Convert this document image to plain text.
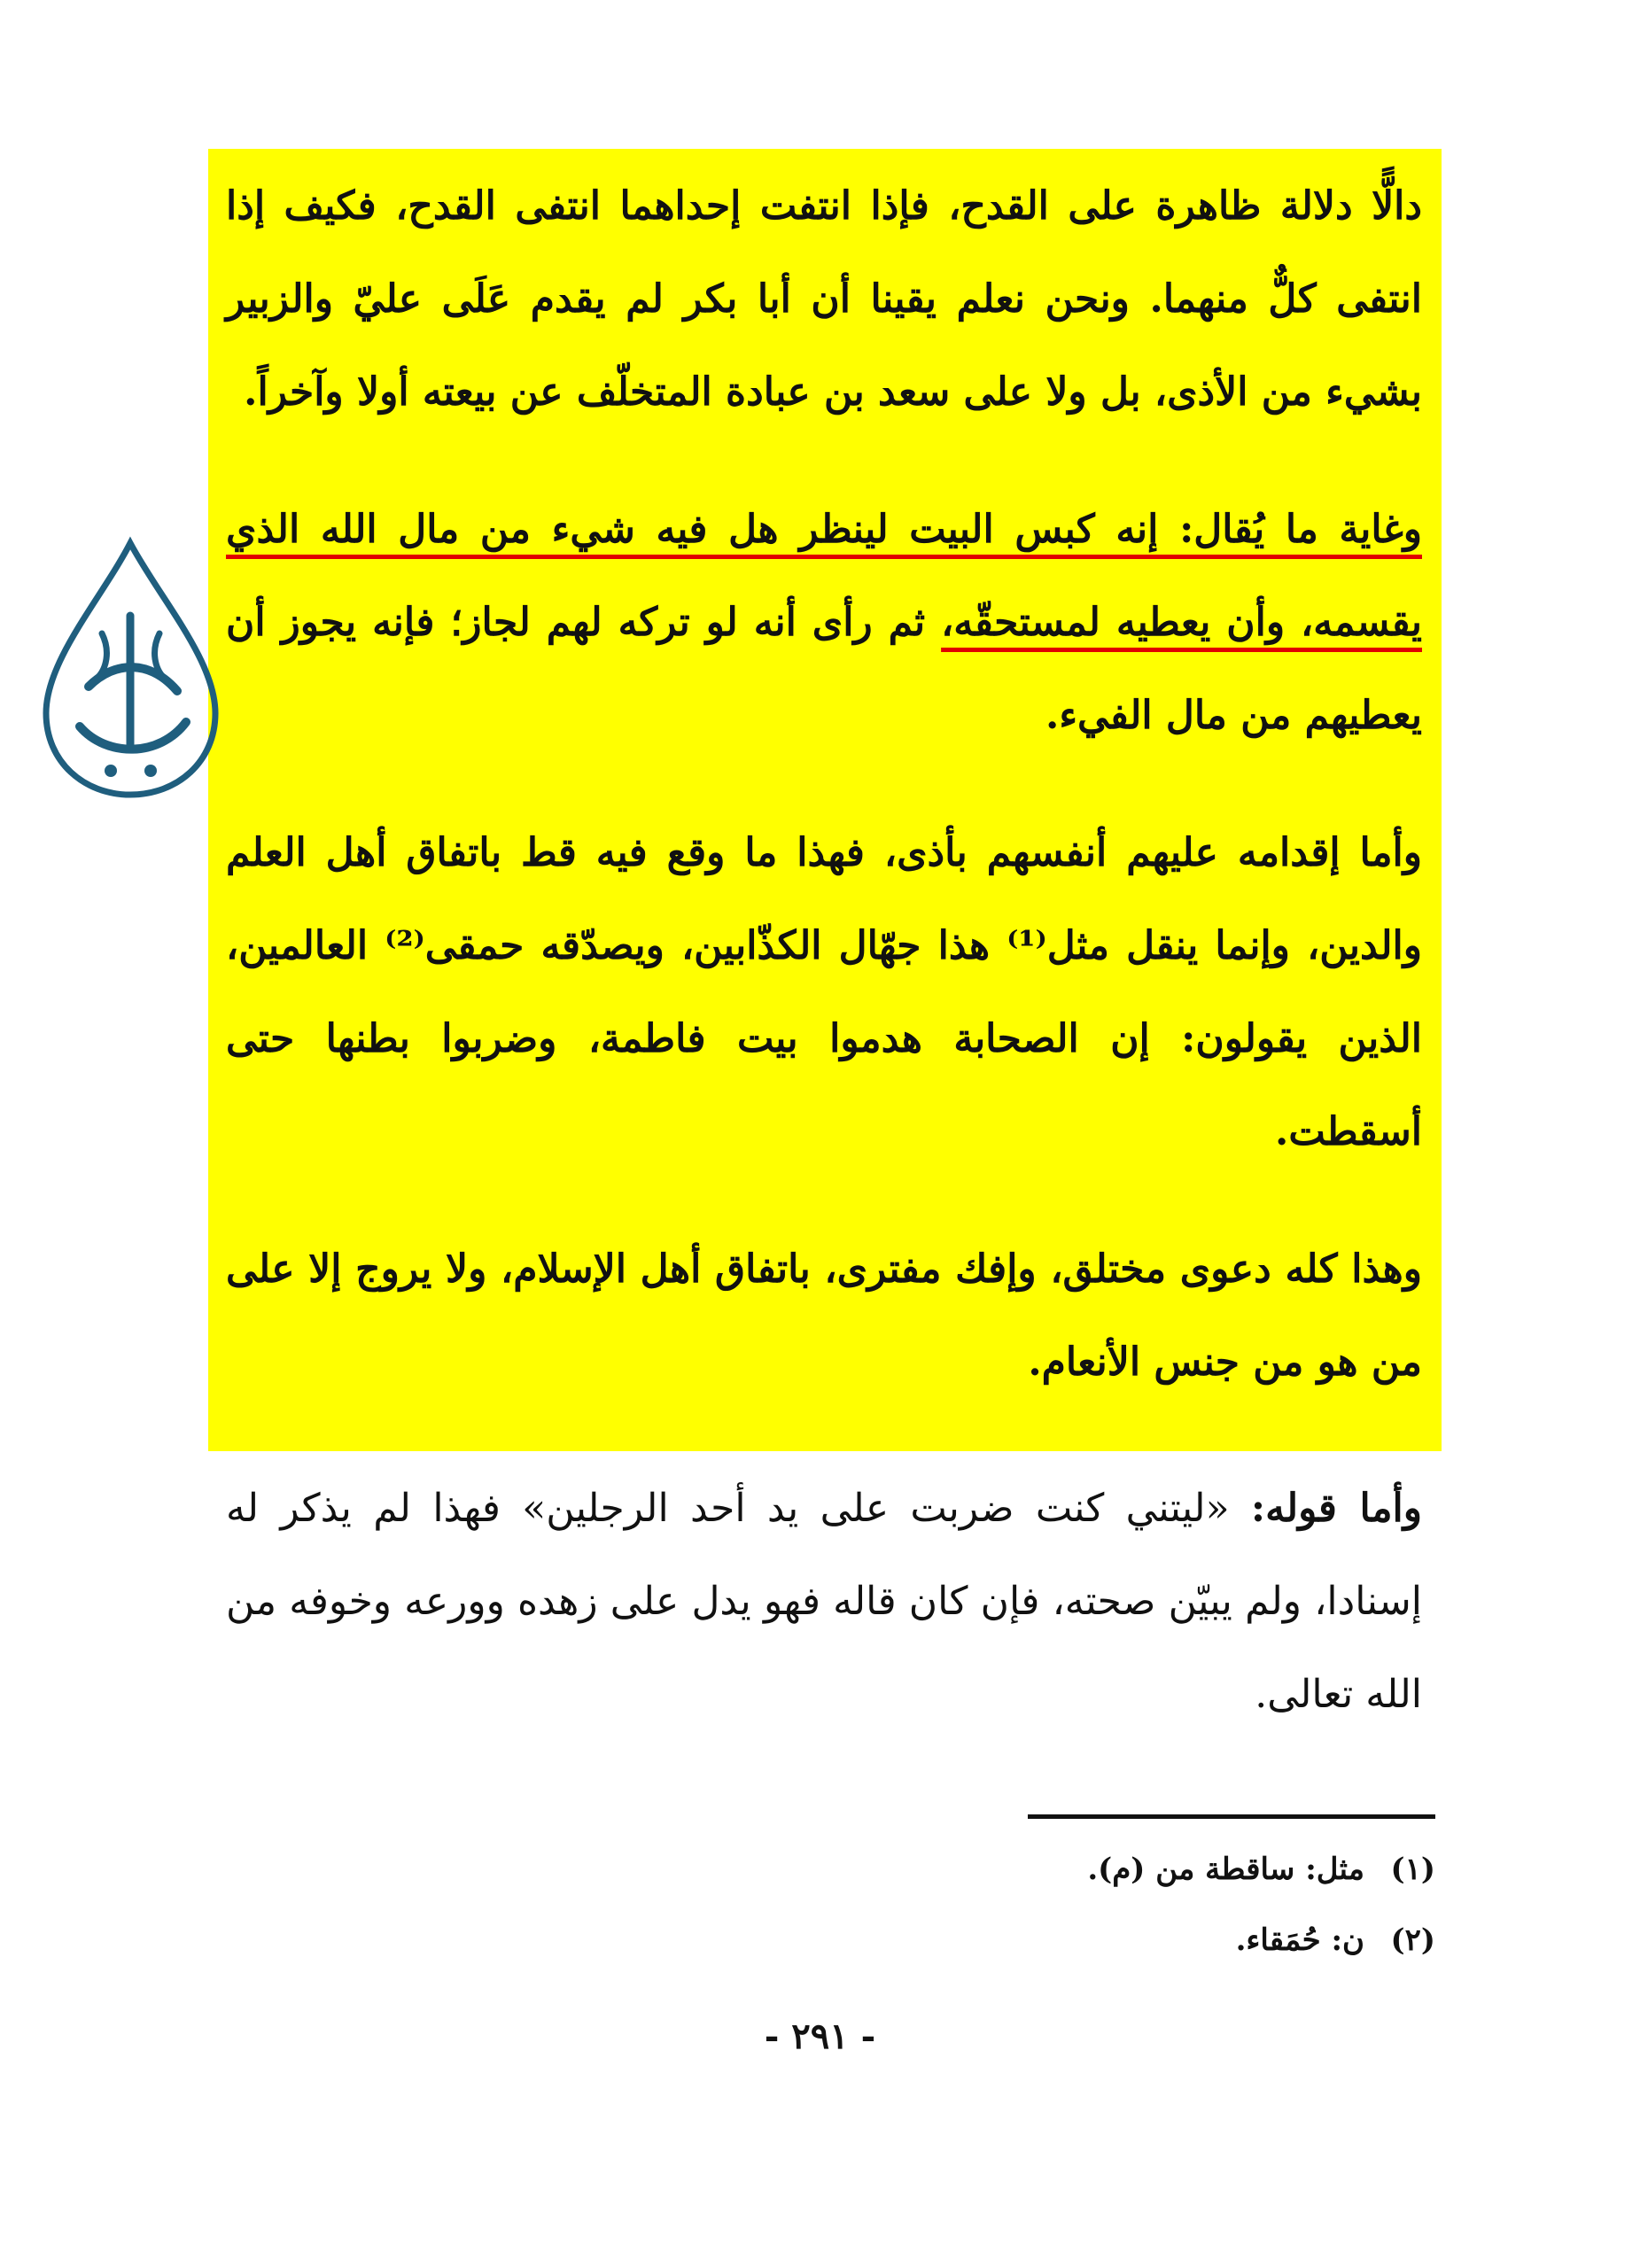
دالًّا دلالة ظاهرة على القدح، فإذا انتفت إحداهما انتفى القدح، فكيف إذا انتفى كلٌّ منهما. ونحن نعلم يقينا أن أبا بكر لم يقدم عَلَى عليّ والزبير بشيء من الأذى، بل ولا على سعد بن عبادة المتخلّف عن بيعته أولا وآخراً.

وغاية ما يُقال: إنه كبس البيت لينظر هل فيه شيء من مال الله الذي يقسمه، وأن يعطيه لمستحقّه، ثم رأى أنه لو تركه لهم لجاز؛ فإنه يجوز أن يعطيهم من مال الفيء.

وأما إقدامه عليهم أنفسهم بأذى، فهذا ما وقع فيه قط باتفاق أهل العلم والدين، وإنما ينقل مثل⁽¹⁾ هذا جهّال الكذّابين، ويصدّقه حمقى⁽²⁾ العالمين، الذين يقولون: إن الصحابة هدموا بيت فاطمة، وضربوا بطنها حتى أسقطت.

وهذا كله دعوى مختلق، وإفك مفترى، باتفاق أهل الإسلام، ولا يروج إلا على من هو من جنس الأنعام.

وأما قوله: «ليتني كنت ضربت على يد أحد الرجلين» فهذا لم يذكر له إسنادا، ولم يبيّن صحته، فإن كان قاله فهو يدل على زهده وورعه وخوفه من الله تعالى.
(١)مثل: ساقطة من (م).
(٢)ن: حُمَقاء.
- ٢٩١ -
